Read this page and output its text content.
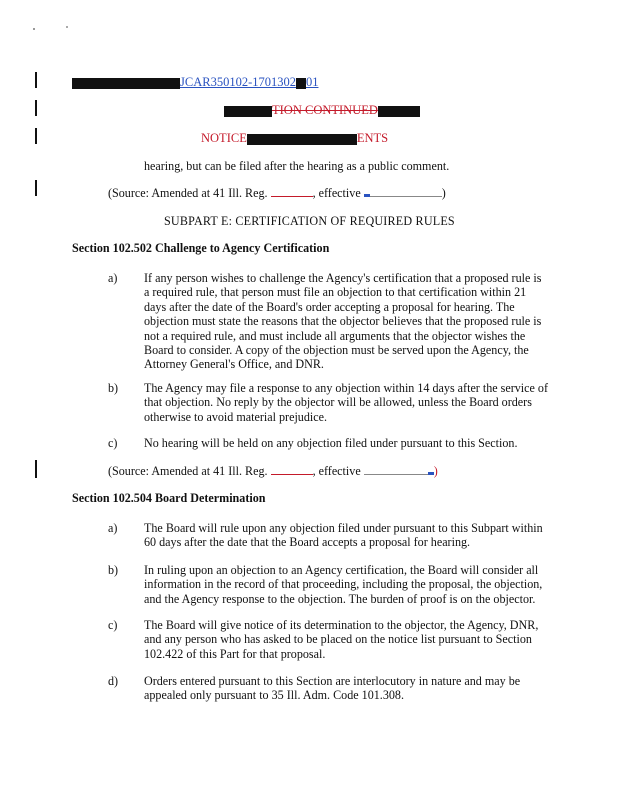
JCAR350102-1701302 01
TION CONTINUED
NOTICE	ENTS
hearing, but can be filed after the hearing as a public comment.
(Source: Amended at 41 Ill. Reg.	, effective	)
SUBPART E: CERTIFICATION OF REQUIRED RULES
Section 102.502 Challenge to Agency Certification
a) If any person wishes to challenge the Agency's certification that a proposed rule is a required rule, that person must file an objection to that certification within 21 days after the date of the Board's order accepting a proposal for hearing. The objection must state the reasons that the objector believes that the proposed rule is not a required rule, and must include all arguments that the objector wishes the Board to consider. A copy of the objection must be served upon the Agency, the Attorney General's Office, and DNR.
b) The Agency may file a response to any objection within 14 days after the service of that objection. No reply by the objector will be allowed, unless the Board orders otherwise to avoid material prejudice.
c) No hearing will be held on any objection filed under pursuant to this Section.
(Source: Amended at 41 Ill. Reg.	, effective	)
Section 102.504 Board Determination
a) The Board will rule upon any objection filed under pursuant to this Subpart within 60 days after the date that the Board accepts a proposal for hearing.
b) In ruling upon an objection to an Agency certification, the Board will consider all information in the record of that proceeding, including the proposal, the objection, and the Agency response to the objection. The burden of proof is on the objector.
c) The Board will give notice of its determination to the objector, the Agency, DNR, and any person who has asked to be placed on the notice list pursuant to Section 102.422 of this Part for that proposal.
d) Orders entered pursuant to this Section are interlocutory in nature and may be appealed only pursuant to 35 Ill. Adm. Code 101.308.
